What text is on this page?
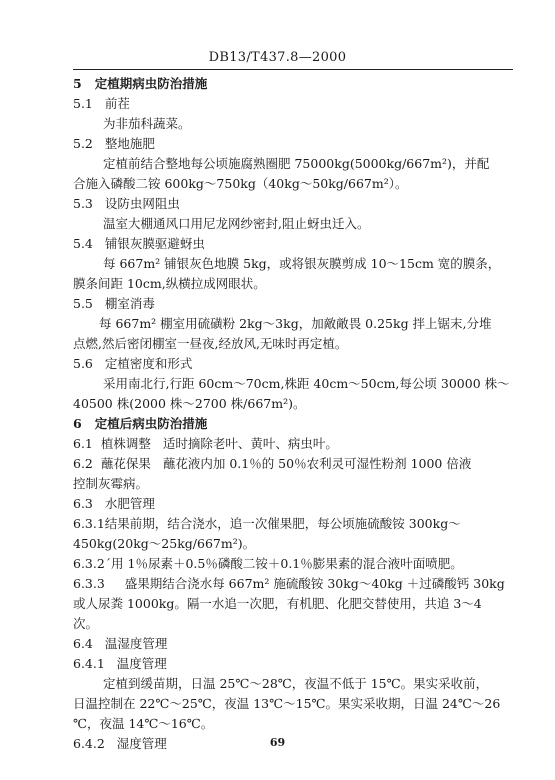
DB13/T437.8—2000
5 定植期病虫防治措施
5.1 前茬
为非茄科蔬菜。
5.2 整地施肥
定植前结合整地每公顷施腐熟圈肥 75000kg(5000kg/667m²)，并配
合施入磷酸二铵 600kg～750kg（40kg～50kg/667m²）。
5.3 设防虫网阻虫
温室大棚通风口用尼龙网纱密封,阻止蚜虫迁入。
5.4 铺银灰膜驱避蚜虫
每 667m² 铺银灰色地膜 5kg，或将银灰膜剪成 10～15cm 宽的膜条，
膜条间距 10cm,纵横拉成网眼状。
5.5 棚室消毒
每 667m² 棚室用硫磺粉 2kg～3kg，加敵敵畏 0.25kg 拌上锯末,分堆
点燃,然后密闭棚室一昼夜,经放风,无味时再定植。
5.6 定植密度和形式
采用南北行,行距 60cm～70cm,株距 40cm～50cm,每公顷 30000 株～
40500 株(2000 株～2700 株/667m²)。
6 定植后病虫防治措施
6.1 植株调整 适时摘除老叶、黄叶、病虫叶。
6.2 蘸花保果 蘸花液内加 0.1％的 50％农利灵可湿性粉剂 1000 倍液
控制灰霉病。
6.3 水肥管理
6.3.1结果前期，结合浇水，追一次催果肥，每公顷施硫酸铵 300kg～
450kg(20kg～25kg/667m²)。
6.3.2´用 1％尿素＋0.5％磷酸二铵＋0.1％膨果素的混合液叶面喷肥。
6.3.3 盛果期结合浇水每 667m² 施硫酸铵 30kg～40kg ＋过磷酸钙 30kg
或人尿粪 1000kg。隔一水追一次肥，有机肥、化肥交替使用，共追 3～4
次。
6.4 温湿度管理
6.4.1 温度管理
定植到缓苗期，日温 25℃～28℃，夜温不低于 15℃。果实采收前，
日温控制在 22℃～25℃，夜温 13℃～15℃。果实采收期，日温 24℃～26
℃，夜温 14℃～16℃。
6.4.2 湿度管理	69
